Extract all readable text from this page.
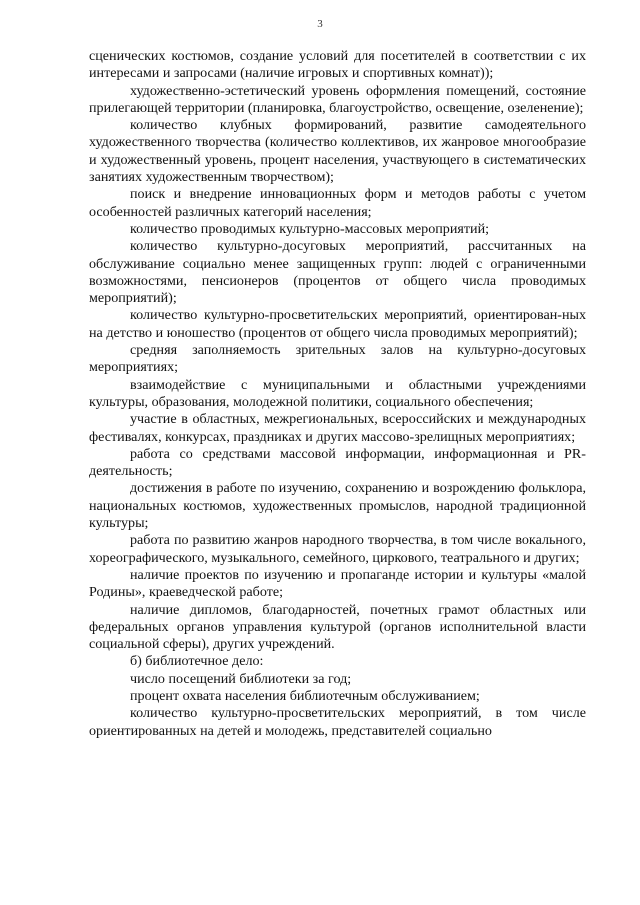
3

сценических костюмов, создание условий для посетителей в соответствии с их интересами и запросами (наличие игровых и спортивных комнат));

художественно-эстетический уровень оформления помещений, состояние прилегающей территории (планировка, благоустройство, освещение, озеленение);

количество клубных формирований, развитие самодеятельного художественного творчества (количество коллективов, их жанровое многообразие и художественный уровень, процент населения, участвующего в систематических занятиях художественным творчеством);

поиск и внедрение инновационных форм и методов работы с учетом особенностей различных категорий населения;

количество проводимых культурно-массовых мероприятий;

количество культурно-досуговых мероприятий, рассчитанных на обслуживание социально менее защищенных групп: людей с ограниченными возможностями, пенсионеров (процентов от общего числа проводимых мероприятий);

количество культурно-просветительских мероприятий, ориентирован-ных на детство и юношество (процентов от общего числа проводимых мероприятий);

средняя заполняемость зрительных залов на культурно-досуговых мероприятиях;

взаимодействие с муниципальными и областными учреждениями культуры, образования, молодежной политики, социального обеспечения;

участие в областных, межрегиональных, всероссийских и международных фестивалях, конкурсах, праздниках и других массово-зрелищных мероприятиях;

работа со средствами массовой информации, информационная и PR-деятельность;

достижения в работе по изучению, сохранению и возрождению фольклора, национальных костюмов, художественных промыслов, народной традиционной культуры;

работа по развитию жанров народного творчества, в том числе вокального, хореографического, музыкального, семейного, циркового, театрального и других;

наличие проектов по изучению и пропаганде истории и культуры «малой Родины», краеведческой работе;

наличие дипломов, благодарностей, почетных грамот областных или федеральных органов управления культурой (органов исполнительной власти социальной сферы), других учреждений.

б) библиотечное дело:

число посещений библиотеки за год;

процент охвата населения библиотечным обслуживанием;

количество культурно-просветительских мероприятий, в том числе ориентированных на детей и молодежь, представителей социально
